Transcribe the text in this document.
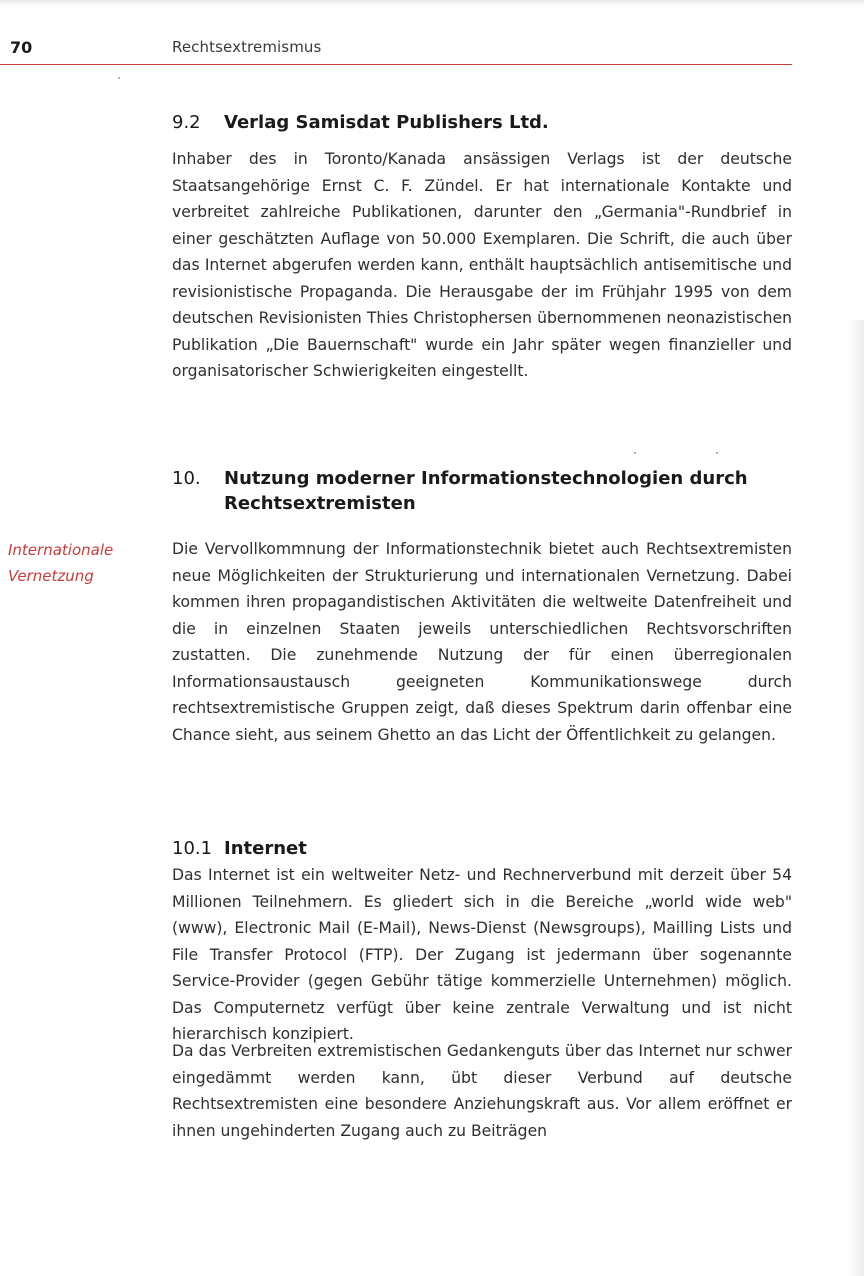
70	Rechtsextremismus
9.2 Verlag Samisdat Publishers Ltd.

Inhaber des in Toronto/Kanada ansässigen Verlags ist der deutsche Staatsangehörige Ernst C. F. Zündel. Er hat internationale Kontakte und verbreitet zahlreiche Publikationen, darunter den „Germania"-Rundbrief in einer geschätzten Auflage von 50.000 Exemplaren. Die Schrift, die auch über das Internet abgerufen werden kann, enthält hauptsächlich antisemitische und revisionistische Propaganda. Die Herausgabe der im Frühjahr 1995 von dem deutschen Revisionisten Thies Christophersen übernommenen neonazistischen Publikation „Die Bauernschaft" wurde ein Jahr später wegen finanzieller und organisatorischer Schwierigkeiten eingestellt.

10. Nutzung moderner Informationstechnologien durch Rechtsextremisten
Internationale Vernetzung

Die Vervollkommnung der Informationstechnik bietet auch Rechtsextremisten neue Möglichkeiten der Strukturierung und internationalen Vernetzung. Dabei kommen ihren propagandistischen Aktivitäten die weltweite Datenfreiheit und die in einzelnen Staaten jeweils unterschiedlichen Rechtsvorschriften zustatten. Die zunehmende Nutzung der für einen überregionalen Informationsaustausch geeigneten Kommunikationswege durch rechtsextremistische Gruppen zeigt, daß dieses Spektrum darin offenbar eine Chance sieht, aus seinem Ghetto an das Licht der Öffentlichkeit zu gelangen.

10.1 Internet

Das Internet ist ein weltweiter Netz- und Rechnerverbund mit derzeit über 54 Millionen Teilnehmern. Es gliedert sich in die Bereiche „world wide web" (www), Electronic Mail (E-Mail), News-Dienst (Newsgroups), Mailling Lists und File Transfer Protocol (FTP). Der Zugang ist jedermann über sogenannte Service-Provider (gegen Gebühr tätige kommerzielle Unternehmen) möglich. Das Computernetz verfügt über keine zentrale Verwaltung und ist nicht hierarchisch konzipiert.

Da das Verbreiten extremistischen Gedankenguts über das Internet nur schwer eingedämmt werden kann, übt dieser Verbund auf deutsche Rechtsextremisten eine besondere Anziehungskraft aus. Vor allem eröffnet er ihnen ungehinderten Zugang auch zu Beiträgen
